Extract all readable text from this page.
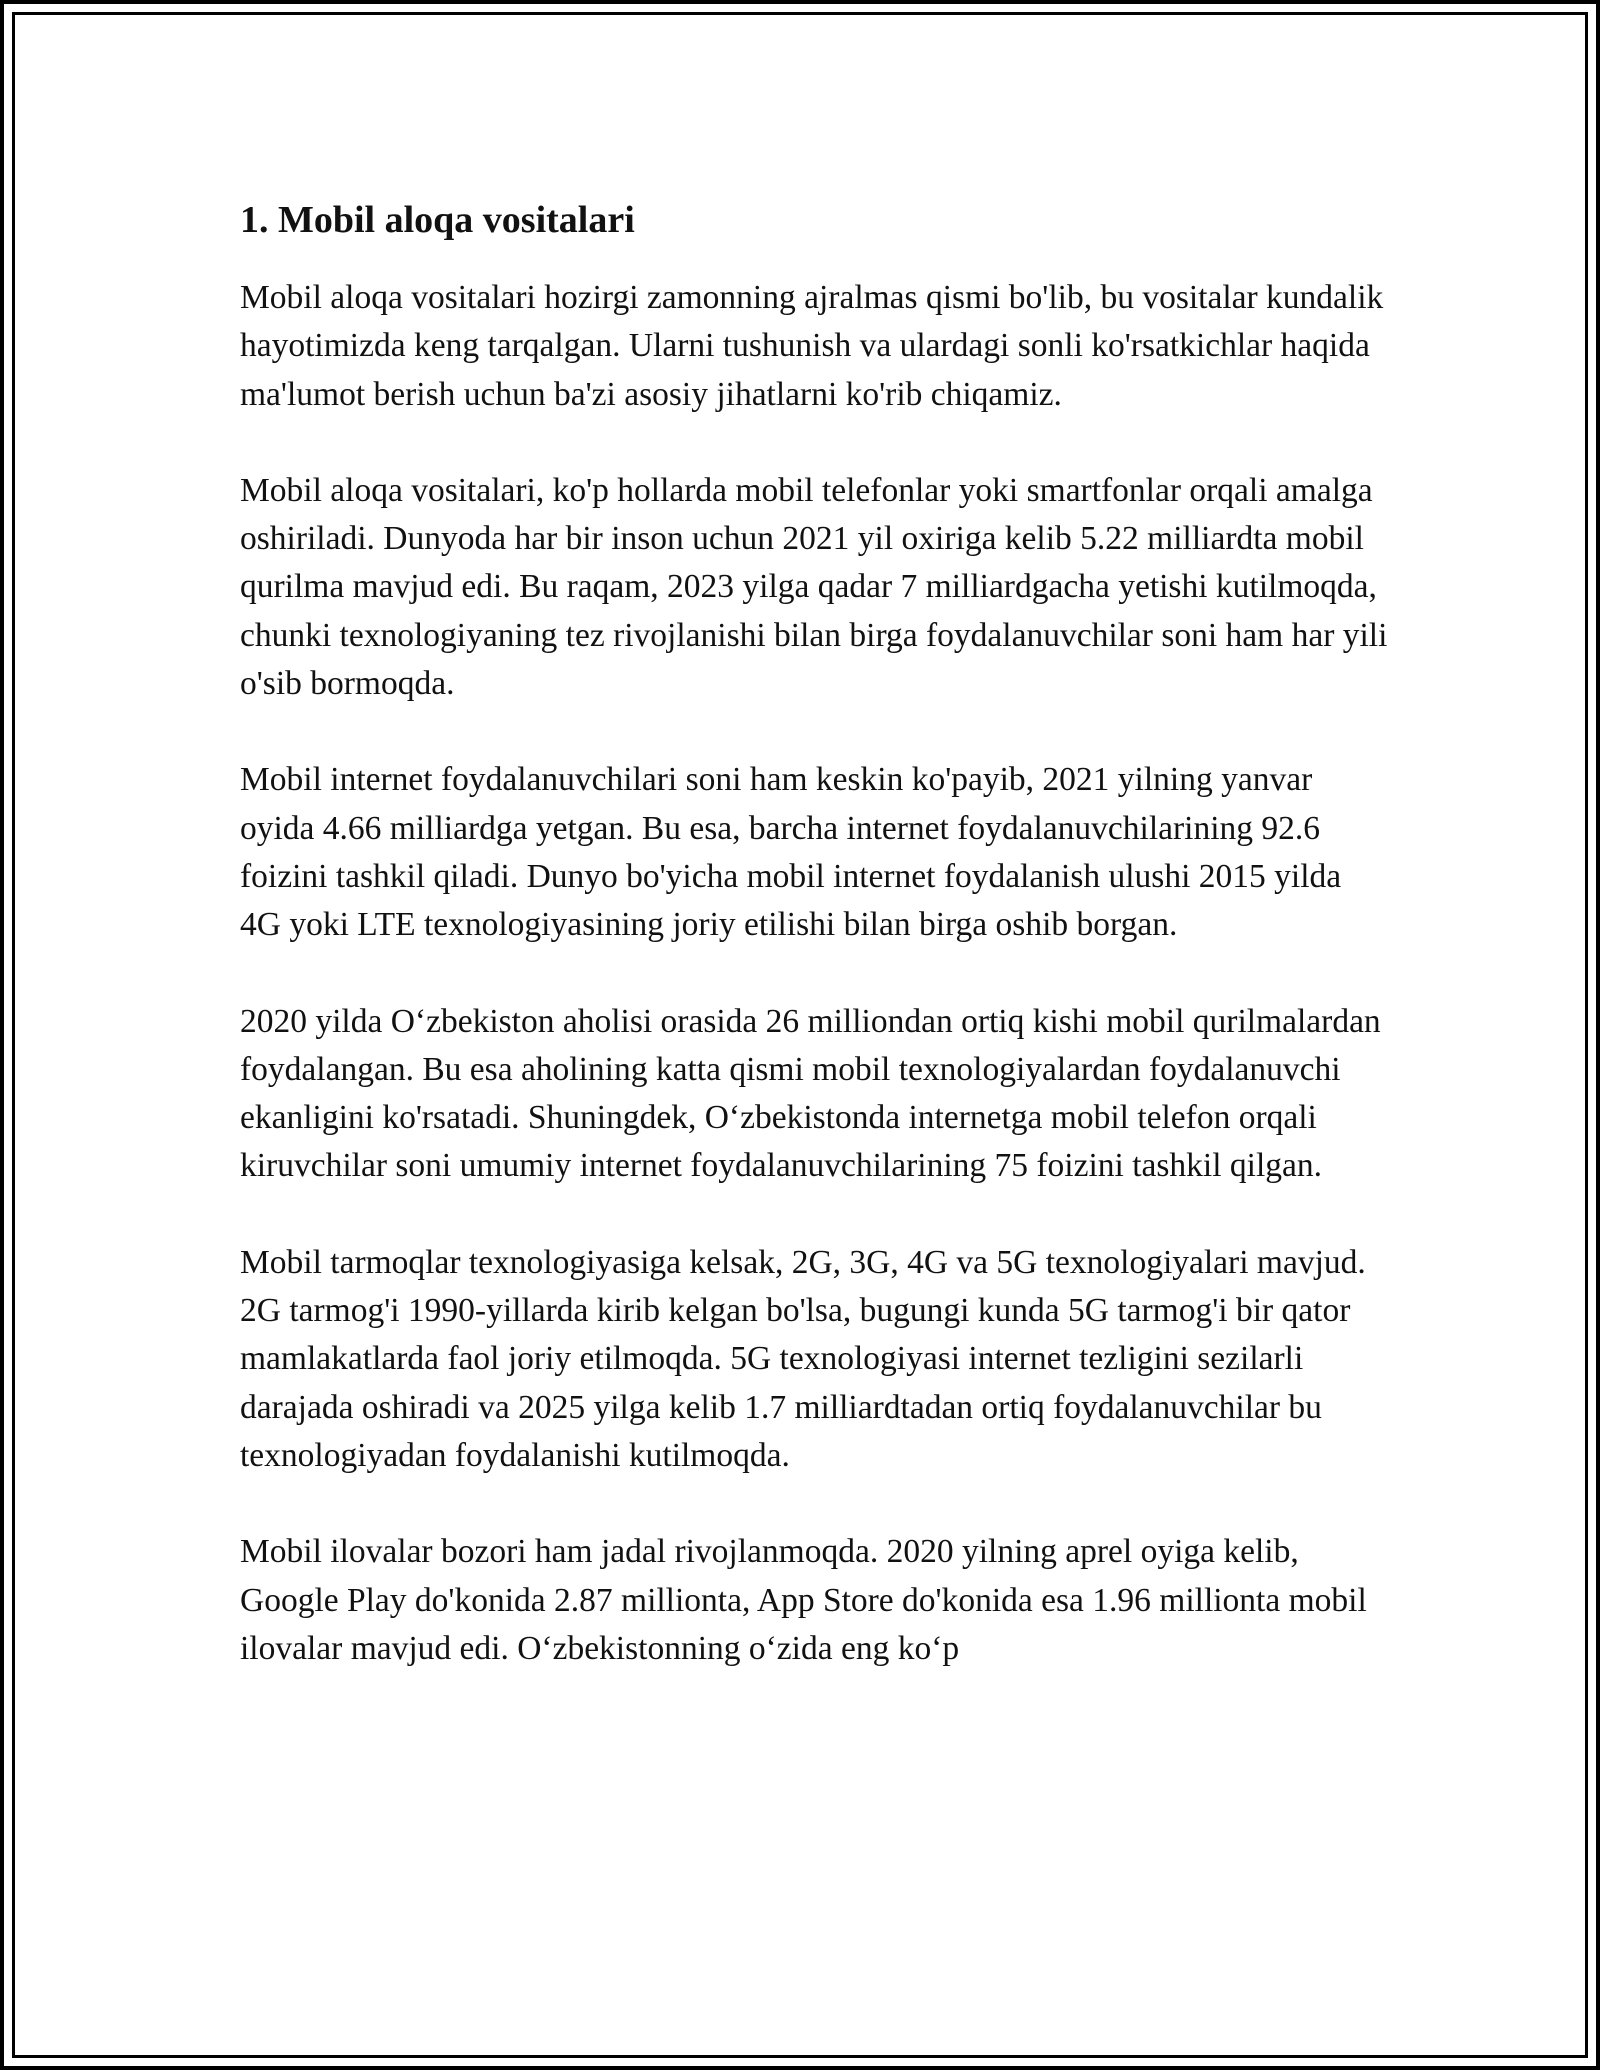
1. Mobil aloqa vositalari

Mobil aloqa vositalari hozirgi zamonning ajralmas qismi bo'lib, bu vositalar kundalik hayotimizda keng tarqalgan. Ularni tushunish va ulardagi sonli ko'rsatkichlar haqida ma'lumot berish uchun ba'zi asosiy jihatlarni ko'rib chiqamiz.

Mobil aloqa vositalari, ko'p hollarda mobil telefonlar yoki smartfonlar orqali amalga oshiriladi. Dunyoda har bir inson uchun 2021 yil oxiriga kelib 5.22 milliardta mobil qurilma mavjud edi. Bu raqam, 2023 yilga qadar 7 milliardgacha yetishi kutilmoqda, chunki texnologiyaning tez rivojlanishi bilan birga foydalanuvchilar soni ham har yili o'sib bormoqda.

Mobil internet foydalanuvchilari soni ham keskin ko'payib, 2021 yilning yanvar oyida 4.66 milliardga yetgan. Bu esa, barcha internet foydalanuvchilarining 92.6 foizini tashkil qiladi. Dunyo bo'yicha mobil internet foydalanish ulushi 2015 yilda 4G yoki LTE texnologiyasining joriy etilishi bilan birga oshib borgan.

2020 yilda O‘zbekiston aholisi orasida 26 milliondan ortiq kishi mobil qurilmalardan foydalangan. Bu esa aholining katta qismi mobil texnologiyalardan foydalanuvchi ekanligini ko'rsatadi. Shuningdek, O‘zbekistonda internetga mobil telefon orqali kiruvchilar soni umumiy internet foydalanuvchilarining 75 foizini tashkil qilgan.

Mobil tarmoqlar texnologiyasiga kelsak, 2G, 3G, 4G va 5G texnologiyalari mavjud. 2G tarmog'i 1990-yillarda kirib kelgan bo'lsa, bugungi kunda 5G tarmog'i bir qator mamlakatlarda faol joriy etilmoqda. 5G texnologiyasi internet tezligini sezilarli darajada oshiradi va 2025 yilga kelib 1.7 milliardtadan ortiq foydalanuvchilar bu texnologiyadan foydalanishi kutilmoqda.

Mobil ilovalar bozori ham jadal rivojlanmoqda. 2020 yilning aprel oyiga kelib, Google Play do'konida 2.87 millionta, App Store do'konida esa 1.96 millionta mobil ilovalar mavjud edi. O‘zbekistonning o‘zida eng ko‘p
